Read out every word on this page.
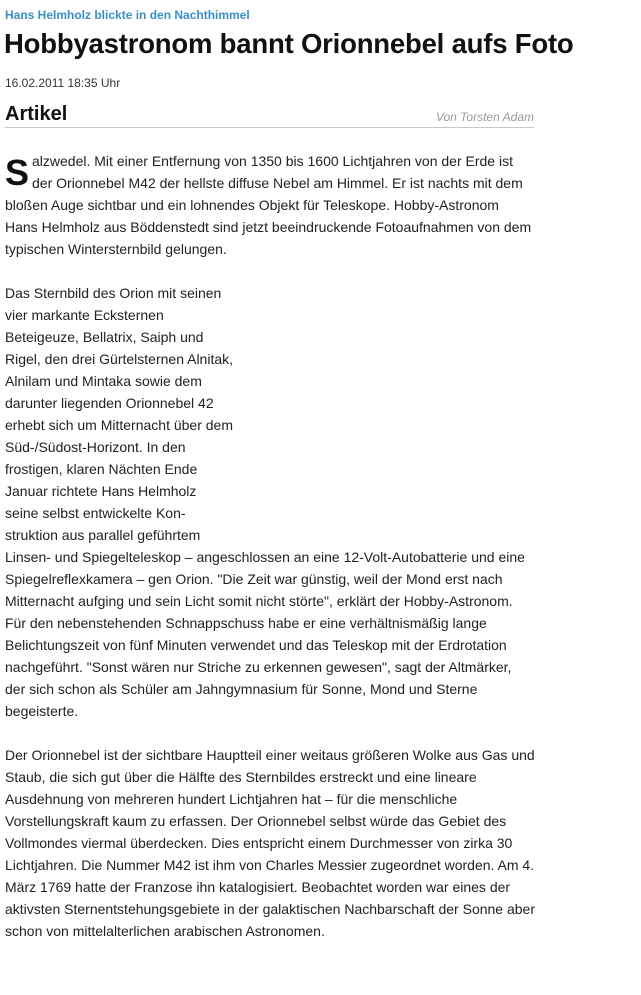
Hans Helmholz blickte in den Nachthimmel
Hobbyastronom bannt Orionnebel aufs Foto
16.02.2011 18:35 Uhr
Artikel	Von Torsten Adam

Salzwedel. Mit einer Entfernung von 1350 bis 1600 Lichtjahren von der Erde ist der Orionnebel M42 der hellste diffuse Nebel am Himmel. Er ist nachts mit dem bloßen Auge sichtbar und ein lohnendes Objekt für Teleskope. Hobby-Astronom Hans Helmholz aus Böddenstedt sind jetzt beeindruckende Fotoaufnahmen von dem typischen Wintersternbild gelungen.

Das Sternbild des Orion mit seinen vier markante Ecksternen Beteigeuze, Bellatrix, Saiph und Rigel, den drei Gürtelsternen Alnitak, Alnilam und Mintaka sowie dem darunter liegenden Orionnebel 42 erhebt sich um Mitternacht über dem Süd-/Südost-Horizont. In den frostigen, klaren Nächten Ende Januar richtete Hans Helmholz seine selbst entwickelte Kon- struktion aus parallel geführtem
Linsen- und Spiegelteleskop – angeschlossen an eine 12-Volt-Autobatterie und eine Spiegelreflexkamera – gen Orion. "Die Zeit war günstig, weil der Mond erst nach Mitternacht aufging und sein Licht somit nicht störte", erklärt der Hobby-Astronom. Für den nebenstehenden Schnappschuss habe er eine verhältnismäßig lange Belichtungszeit von fünf Minuten verwendet und das Teleskop mit der Erdrotation nachgeführt. "Sonst wären nur Striche zu erkennen gewesen", sagt der Altmärker, der sich schon als Schüler am Jahngymnasium für Sonne, Mond und Sterne begeisterte.

Der Orionnebel ist der sichtbare Hauptteil einer weitaus größeren Wolke aus Gas und Staub, die sich gut über die Hälfte des Sternbildes erstreckt und eine lineare Ausdehnung von mehreren hundert Lichtjahren hat – für die menschliche Vorstellungskraft kaum zu erfassen. Der Orionnebel selbst würde das Gebiet des Vollmondes viermal überdecken. Dies entspricht einem Durchmesser von zirka 30 Lichtjahren. Die Nummer M42 ist ihm von Charles Messier zugeordnet worden. Am 4. März 1769 hatte der Franzose ihn katalogisiert. Beobachtet worden war eines der aktivsten Sternentstehungsgebiete in der galaktischen Nachbarschaft der Sonne aber schon von mittelalterlichen arabischen Astronomen.
